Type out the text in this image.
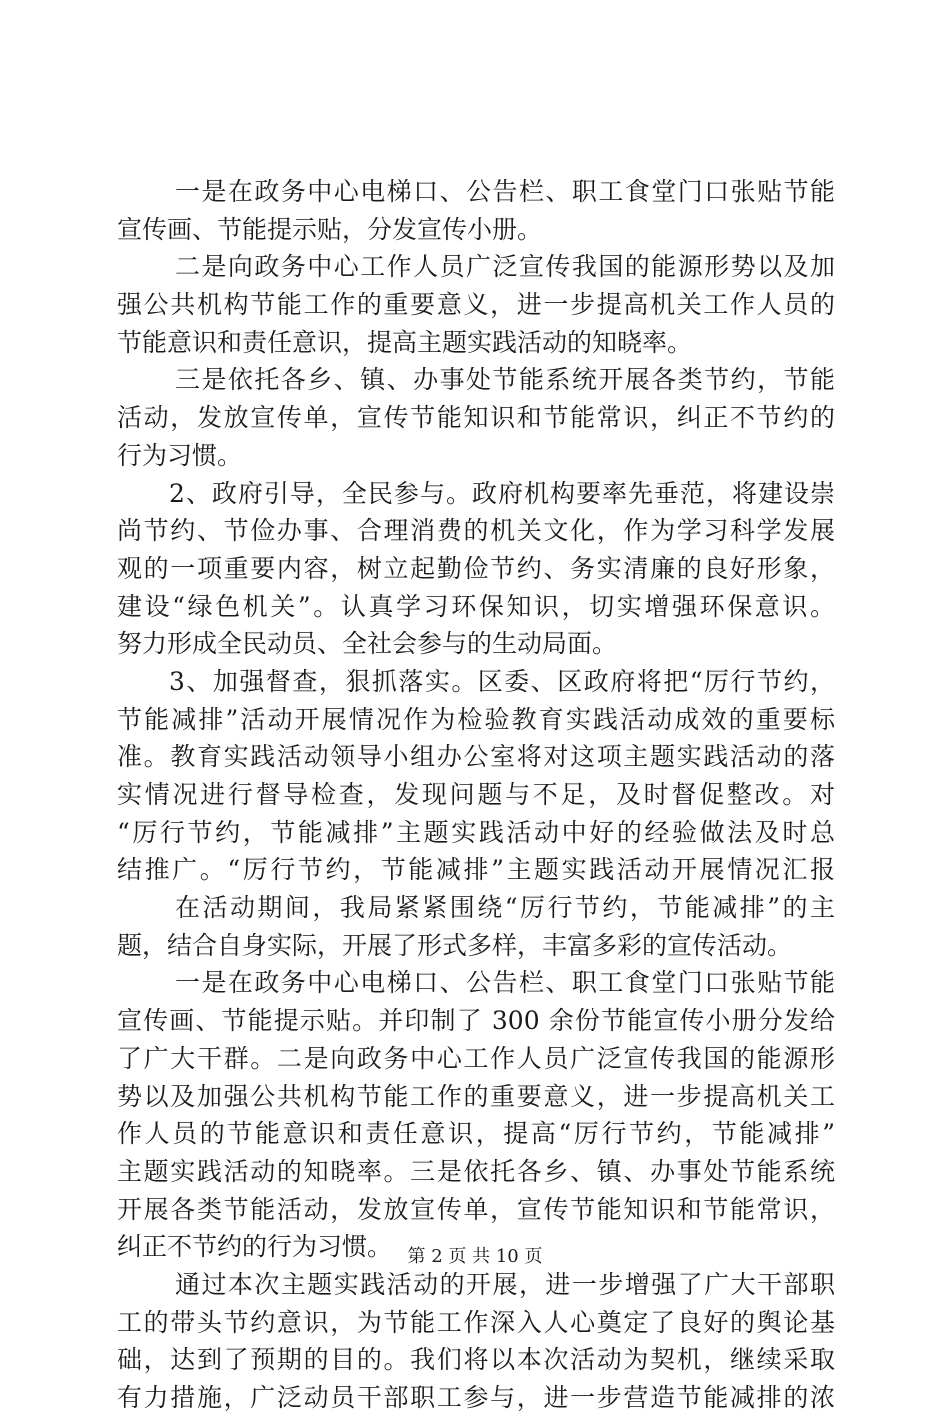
一是在政务中心电梯口、公告栏、职工食堂门口张贴节能
宣传画、节能提示贴，分发宣传小册。
二是向政务中心工作人员广泛宣传我国的能源形势以及加
强公共机构节能工作的重要意义，进一步提高机关工作人员的
节能意识和责任意识，提高主题实践活动的知晓率。
三是依托各乡、镇、办事处节能系统开展各类节约，节能
活动，发放宣传单，宣传节能知识和节能常识，纠正不节约的
行为习惯。
2、政府引导，全民参与。政府机构要率先垂范，将建设崇
尚节约、节俭办事、合理消费的机关文化，作为学习科学发展
观的一项重要内容，树立起勤俭节约、务实清廉的良好形象，
建设“绿色机关”。认真学习环保知识，切实增强环保意识。
努力形成全民动员、全社会参与的生动局面。
3、加强督查，狠抓落实。区委、区政府将把“厉行节约，
节能减排”活动开展情况作为检验教育实践活动成效的重要标
准。教育实践活动领导小组办公室将对这项主题实践活动的落
实情况进行督导检查，发现问题与不足，及时督促整改。对
“厉行节约，节能减排”主题实践活动中好的经验做法及时总
结推广。“厉行节约，节能减排”主题实践活动开展情况汇报
在活动期间，我局紧紧围绕“厉行节约，节能减排”的主
题，结合自身实际，开展了形式多样，丰富多彩的宣传活动。
一是在政务中心电梯口、公告栏、职工食堂门口张贴节能
宣传画、节能提示贴。并印制了 300 余份节能宣传小册分发给
了广大干群。二是向政务中心工作人员广泛宣传我国的能源形
势以及加强公共机构节能工作的重要意义，进一步提高机关工
作人员的节能意识和责任意识，提高“厉行节约，节能减排”
主题实践活动的知晓率。三是依托各乡、镇、办事处节能系统
开展各类节能活动，发放宣传单，宣传节能知识和节能常识，
纠正不节约的行为习惯。
通过本次主题实践活动的开展，进一步增强了广大干部职
工的带头节约意识，为节能工作深入人心奠定了良好的舆论基
础，达到了预期的目的。我们将以本次活动为契机，继续采取
有力措施，广泛动员干部职工参与，进一步营造节能减排的浓
第 2 页 共 10 页
